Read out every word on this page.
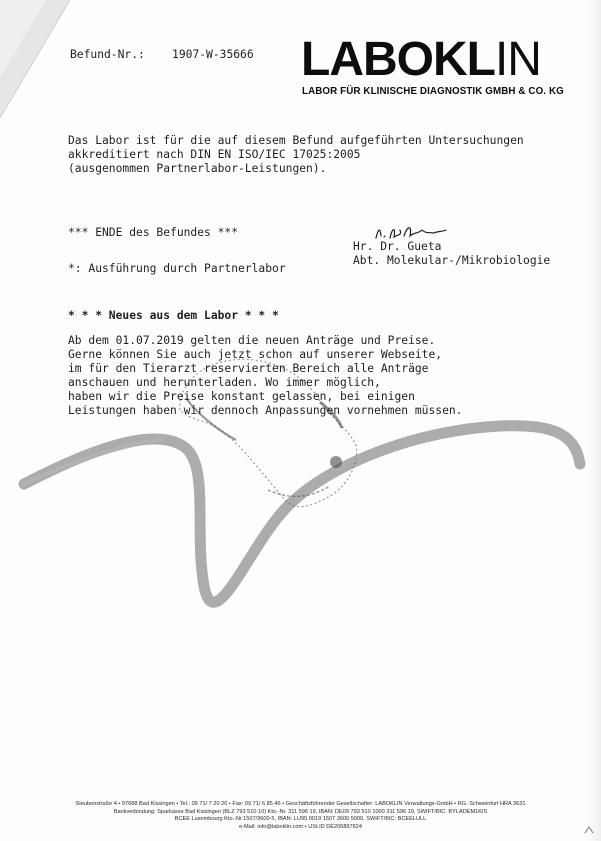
Befund-Nr.: 1907-W-35666 LABOKLIN
LABOR FÜR KLINISCHE DIAGNOSTIK GMBH & CO. KG
Das Labor ist für die auf diesem Befund aufgeführten Untersuchungen
akkreditiert nach DIN EN ISO/IEC 17025:2005
(ausgenommen Partnerlabor-Leistungen).
*** ENDE des Befundes ***
Hr. Dr. Gueta
Abt. Molekular-/Mikrobiologie
*: Ausführung durch Partnerlabor
* * * Neues aus dem Labor * * *
Ab dem 01.07.2019 gelten die neuen Anträge und Preise.
Gerne können Sie auch jetzt schon auf unserer Webseite,
im für den Tierarzt reservierten Bereich alle Anträge
anschauen und herunterladen. Wo immer möglich,
haben wir die Preise konstant gelassen, bei einigen
Leistungen haben wir dennoch Anpassungen vornehmen müssen.
Steubenstraße 4 • 97688 Bad Kissingen • Tel.: 09 71/ 7 20 20 • Fax: 09 71/ 6 85 46 • Geschäftsführender Gesellschafter: LABOKLIN Verwaltungs-GmbH • RG. Schweinfurt HRA 3631
Bankverbindung: Sparkasse Bad Kissingen (BLZ 793 510 10) Kto.-Nr. 311 596 19, IBAN: DE09 793 510 1000 311 596 19, SWIFT/BIC: BYLADEM1KIS
BCEE Luxembourg Kto.-Nr.1507/3600-5, IBAN: LU95 0019 1507 3600 5000, SWIFT/BIC: BCEELULL
e-Mail: info@laboklin.com • USt.ID DE206897824
